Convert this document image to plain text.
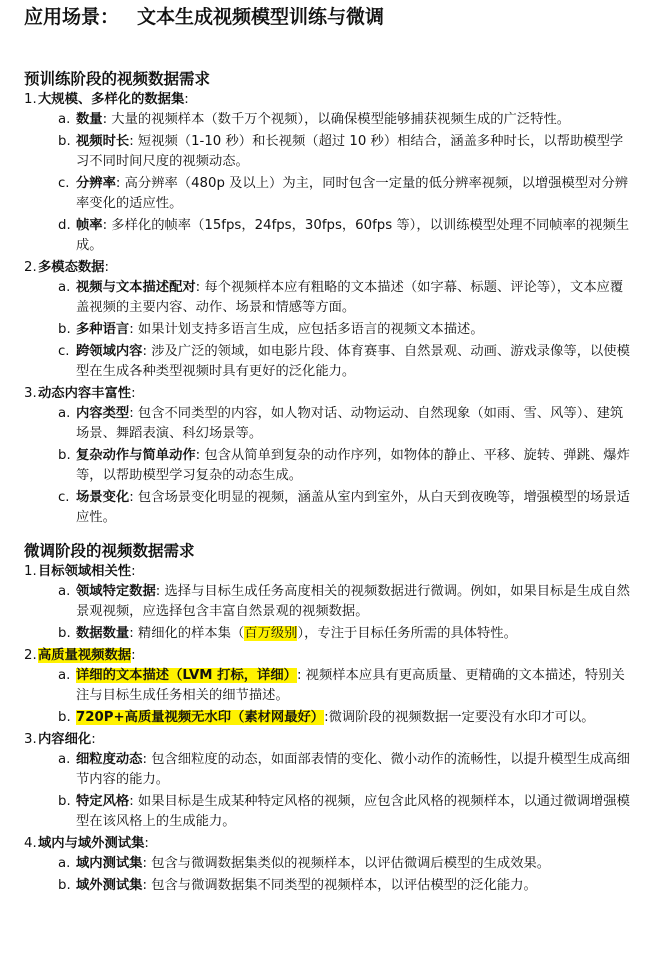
应用场景： 文本生成视频模型训练与微调
预训练阶段的视频数据需求
1.大规模、多样化的数据集:
a. 数量: 大量的视频样本（数千万个视频），以确保模型能够捕获视频生成的广泛特性。
b. 视频时长: 短视频（1-10 秒）和长视频（超过 10 秒）相结合，涵盖多种时长，以帮助模型学习不同时间尺度的视频动态。
c. 分辨率: 高分辨率（480p 及以上）为主，同时包含一定量的低分辨率视频，以增强模型对分辨率变化的适应性。
d. 帧率: 多样化的帧率（15fps，24fps，30fps，60fps 等），以训练模型处理不同帧率的视频生成。
2.多模态数据:
a. 视频与文本描述配对: 每个视频样本应有粗略的文本描述（如字幕、标题、评论等），文本应覆盖视频的主要内容、动作、场景和情感等方面。
b. 多种语言: 如果计划支持多语言生成，应包括多语言的视频文本描述。
c. 跨领域内容: 涉及广泛的领域，如电影片段、体育赛事、自然景观、动画、游戏录像等，以使模型在生成各种类型视频时具有更好的泛化能力。
3.动态内容丰富性:
a. 内容类型: 包含不同类型的内容，如人物对话、动物运动、自然现象（如雨、雪、风等）、建筑场景、舞蹈表演、科幻场景等。
b. 复杂动作与简单动作: 包含从简单到复杂的动作序列，如物体的静止、平移、旋转、弹跳、爆炸等，以帮助模型学习复杂的动态生成。
c. 场景变化: 包含场景变化明显的视频，涵盖从室内到室外，从白天到夜晚等，增强模型的场景适应性。
微调阶段的视频数据需求
1.目标领域相关性:
a. 领域特定数据: 选择与目标生成任务高度相关的视频数据进行微调。例如，如果目标是生成自然景观视频，应选择包含丰富自然景观的视频数据。
b. 数据数量: 精细化的样本集（百万级别），专注于目标任务所需的具体特性。
2.高质量视频数据:
a. 详细的文本描述（LVM 打标，详细）: 视频样本应具有更高质量、更精确的文本描述，特别关注与目标生成任务相关的细节描述。
b. 720P+高质量视频无水印（素材网最好）:微调阶段的视频数据一定要没有水印才可以。
3.内容细化:
a. 细粒度动态: 包含细粒度的动态，如面部表情的变化、微小动作的流畅性，以提升模型生成高细节内容的能力。
b. 特定风格: 如果目标是生成某种特定风格的视频，应包含此风格的视频样本，以通过微调增强模型在该风格上的生成能力。
4.域内与域外测试集:
a. 域内测试集: 包含与微调数据集类似的视频样本，以评估微调后模型的生成效果。
b. 域外测试集: 包含与微调数据集不同类型的视频样本，以评估模型的泛化能力。
